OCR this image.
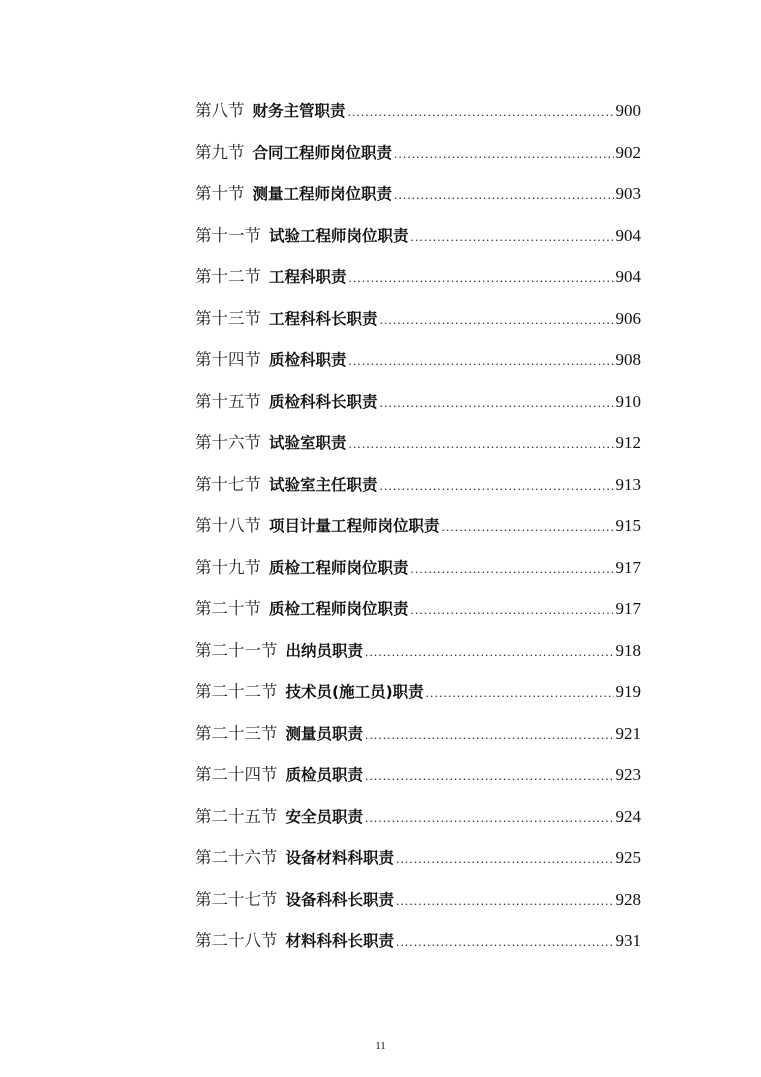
第八节 财务主管职责 .....	900
第九节 合同工程师岗位职责 .....	902
第十节 测量工程师岗位职责 .....	903
第十一节 试验工程师岗位职责 .....	904
第十二节 工程科职责 .....	904
第十三节 工程科科长职责 .....	906
第十四节 质检科职责 .....	908
第十五节 质检科科长职责 .....	910
第十六节 试验室职责 .....	912
第十七节 试验室主任职责 .....	913
第十八节 项目计量工程师岗位职责 .....	915
第十九节 质检工程师岗位职责 .....	917
第二十节 质检工程师岗位职责 .....	917
第二十一节 出纳员职责 .....	918
第二十二节 技术员(施工员)职责 .....	919
第二十三节 测量员职责 .....	921
第二十四节 质检员职责 .....	923
第二十五节 安全员职责 .....	924
第二十六节 设备材料科职责 .....	925
第二十七节 设备科科长职责 .....	928
第二十八节 材料科科长职责 .....	931
11
